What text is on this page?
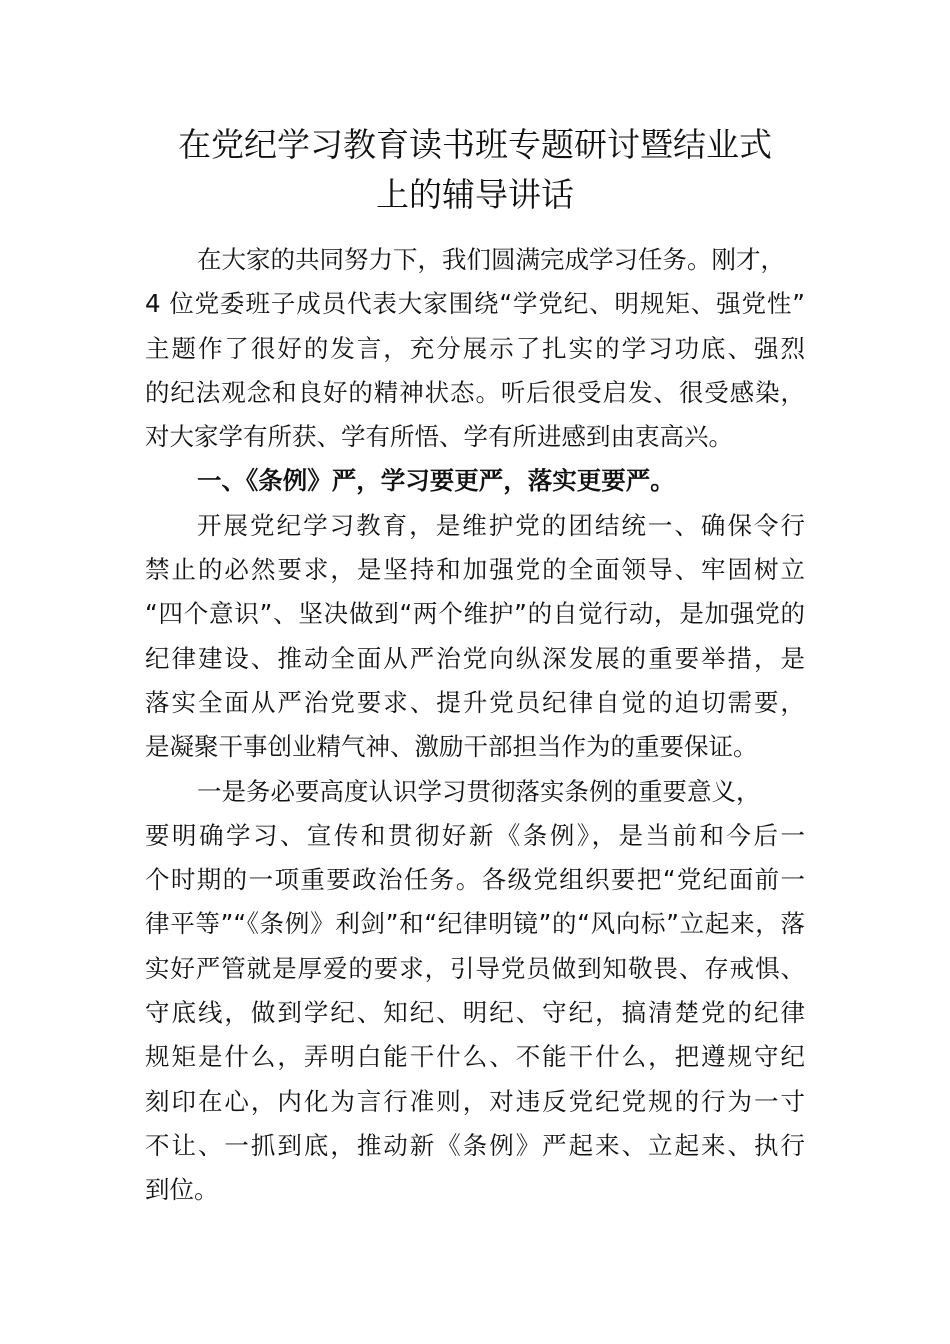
在党纪学习教育读书班专题研讨暨结业式
上的辅导讲话
在大家的共同努力下，我们圆满完成学习任务。刚才，
4 位党委班子成员代表大家围绕“学党纪、明规矩、强党性”
主题作了很好的发言，充分展示了扎实的学习功底、强烈
的纪法观念和良好的精神状态。听后很受启发、很受感染，
对大家学有所获、学有所悟、学有所进感到由衷高兴。
一、《条例》严，学习要更严，落实更要严。
开展党纪学习教育，是维护党的团结统一、确保令行
禁止的必然要求，是坚持和加强党的全面领导、牢固树立
“四个意识”、坚决做到“两个维护”的自觉行动，是加强党的
纪律建设、推动全面从严治党向纵深发展的重要举措，是
落实全面从严治党要求、提升党员纪律自觉的迫切需要，
是凝聚干事创业精气神、激励干部担当作为的重要保证。
一是务必要高度认识学习贯彻落实条例的重要意义，
要明确学习、宣传和贯彻好新《条例》，是当前和今后一
个时期的一项重要政治任务。各级党组织要把“党纪面前一
律平等”“《条例》利剑”和“纪律明镜”的“风向标”立起来，落
实好严管就是厚爱的要求，引导党员做到知敬畏、存戒惧、
守底线，做到学纪、知纪、明纪、守纪，搞清楚党的纪律
规矩是什么，弄明白能干什么、不能干什么，把遵规守纪
刻印在心，内化为言行准则，对违反党纪党规的行为一寸
不让、一抓到底，推动新《条例》严起来、立起来、执行
到位。
